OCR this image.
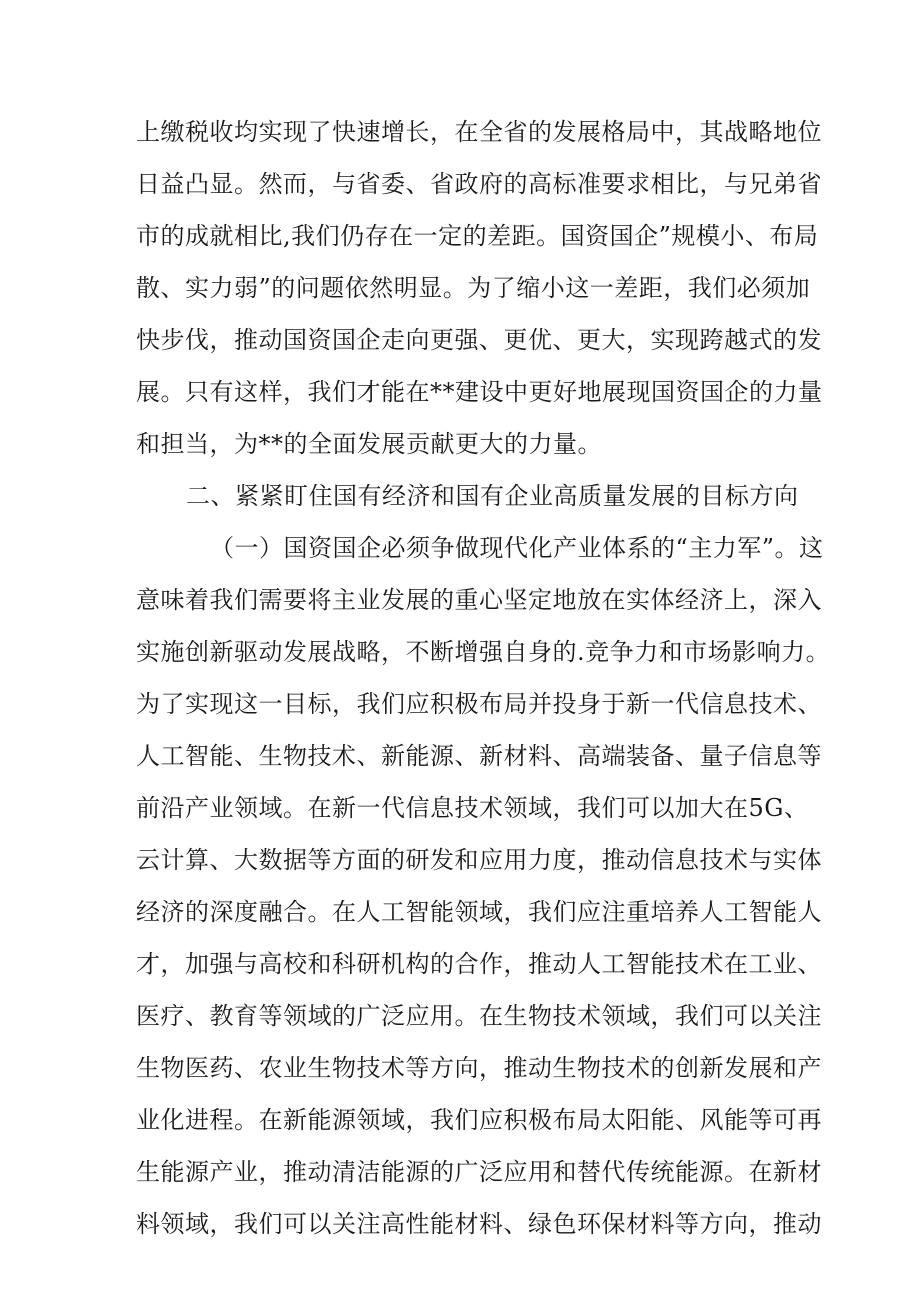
上缴税收均实现了快速增长，在全省的发展格局中，其战略地位
日益凸显。然而，与省委、省政府的高标准要求相比，与兄弟省
市的成就相比,我们仍存在一定的差距。国资国企”规模小、布局
散、实力弱”的问题依然明显。为了缩小这一差距，我们必须加
快步伐，推动国资国企走向更强、更优、更大，实现跨越式的发
展。只有这样，我们才能在**建设中更好地展现国资国企的力量
和担当，为**的全面发展贡献更大的力量。
二、紧紧盯住国有经济和国有企业高质量发展的目标方向
（一）国资国企必须争做现代化产业体系的“主力军”。这
意味着我们需要将主业发展的重心坚定地放在实体经济上，深入
实施创新驱动发展战略，不断增强自身的.竞争力和市场影响力。
为了实现这一目标，我们应积极布局并投身于新一代信息技术、
人工智能、生物技术、新能源、新材料、高端装备、量子信息等
前沿产业领域。在新一代信息技术领域，我们可以加大在5G、
云计算、大数据等方面的研发和应用力度，推动信息技术与实体
经济的深度融合。在人工智能领域，我们应注重培养人工智能人
才，加强与高校和科研机构的合作，推动人工智能技术在工业、
医疗、教育等领域的广泛应用。在生物技术领域，我们可以关注
生物医药、农业生物技术等方向，推动生物技术的创新发展和产
业化进程。在新能源领域，我们应积极布局太阳能、风能等可再
生能源产业，推动清洁能源的广泛应用和替代传统能源。在新材
料领域，我们可以关注高性能材料、绿色环保材料等方向，推动
